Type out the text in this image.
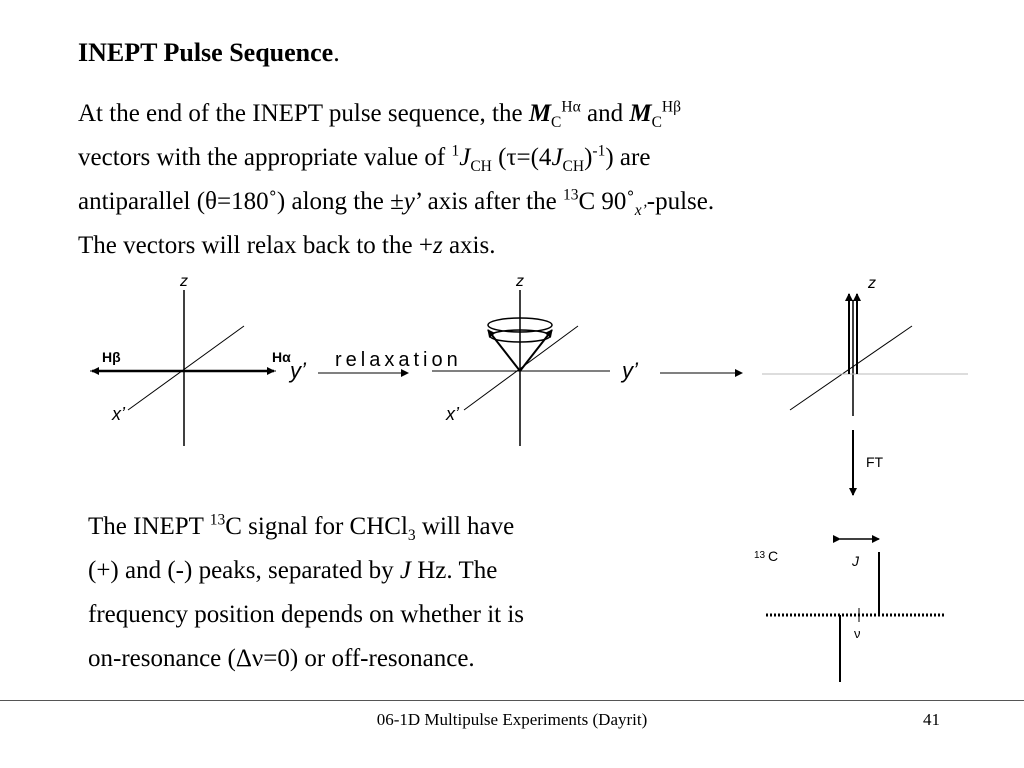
INEPT Pulse Sequence.
At the end of the INEPT pulse sequence, the $M_C^{H\alpha}$ and $M_C^{H\beta}$
vectors with the appropriate value of $^1J_{CH}$ $(\tau=(4J_{CH})^{-1})$ are
antiparallel (θ=180˚) along the ±y’ axis after the $^{13}$C $90˚_{x’}$-pulse.
The vectors will relax back to the +z axis.
z
x’
Hβ	Hα
y’ relaxation
z
x’
y’
z
FT
13 C	J
ν
The INEPT $^{13}$C signal for CHCl$_3$ will have
(+) and (-) peaks, separated by J Hz. The
frequency position depends on whether it is
on-resonance (Δν=0) or off-resonance.
06-1D Multipulse Experiments (Dayrit)	41
